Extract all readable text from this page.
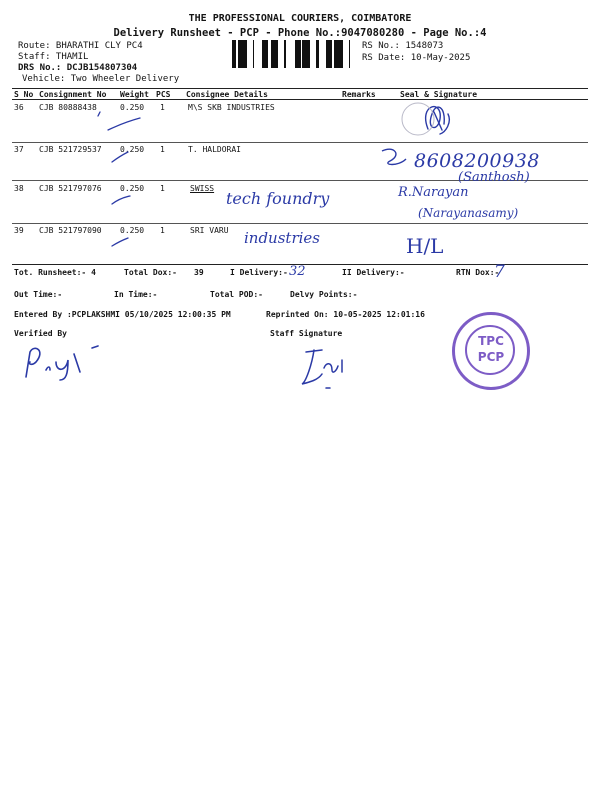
THE PROFESSIONAL COURIERS, COIMBATORE
Delivery Runsheet - PCP - Phone No.:9047080280 - Page No.:4
Route: BHARATHI CLY PC4
Staff: THAMIL
DRS No.: DCJB154807304
Vehicle: Two Wheeler Delivery
RS No.: 1548073
RS Date: 10-May-2025
S No Consignment No Weight PCS Consignee Details	Remarks	Seal & Signature
36 CJB 80888438	0.250 1	M\S SKB INDUSTRIES
37 CJB 521729537 0.250 1	T. HALDORAI
38 CJB 521797076 0.250 1	SWISS
39 CJB 521797090 0.250 1	SRI VARU
Tot. Runsheet:- 4	Total Dox:- 39	I Delivery:-	II Delivery:-	RTN Dox:-
Out Time:-	In Time:-	Total POD:-	Delvy Points:-
Entered By :PCPLAKSHMI 05/10/2025 12:00:35 PM	Reprinted On: 10-05-2025 12:01:16
Verified By	Staff Signature
8608200938
(Santhosh)
tech foundry	R.Narayan
(Narayanasamy)
industries	H/L
32	7
TPC
PCP
